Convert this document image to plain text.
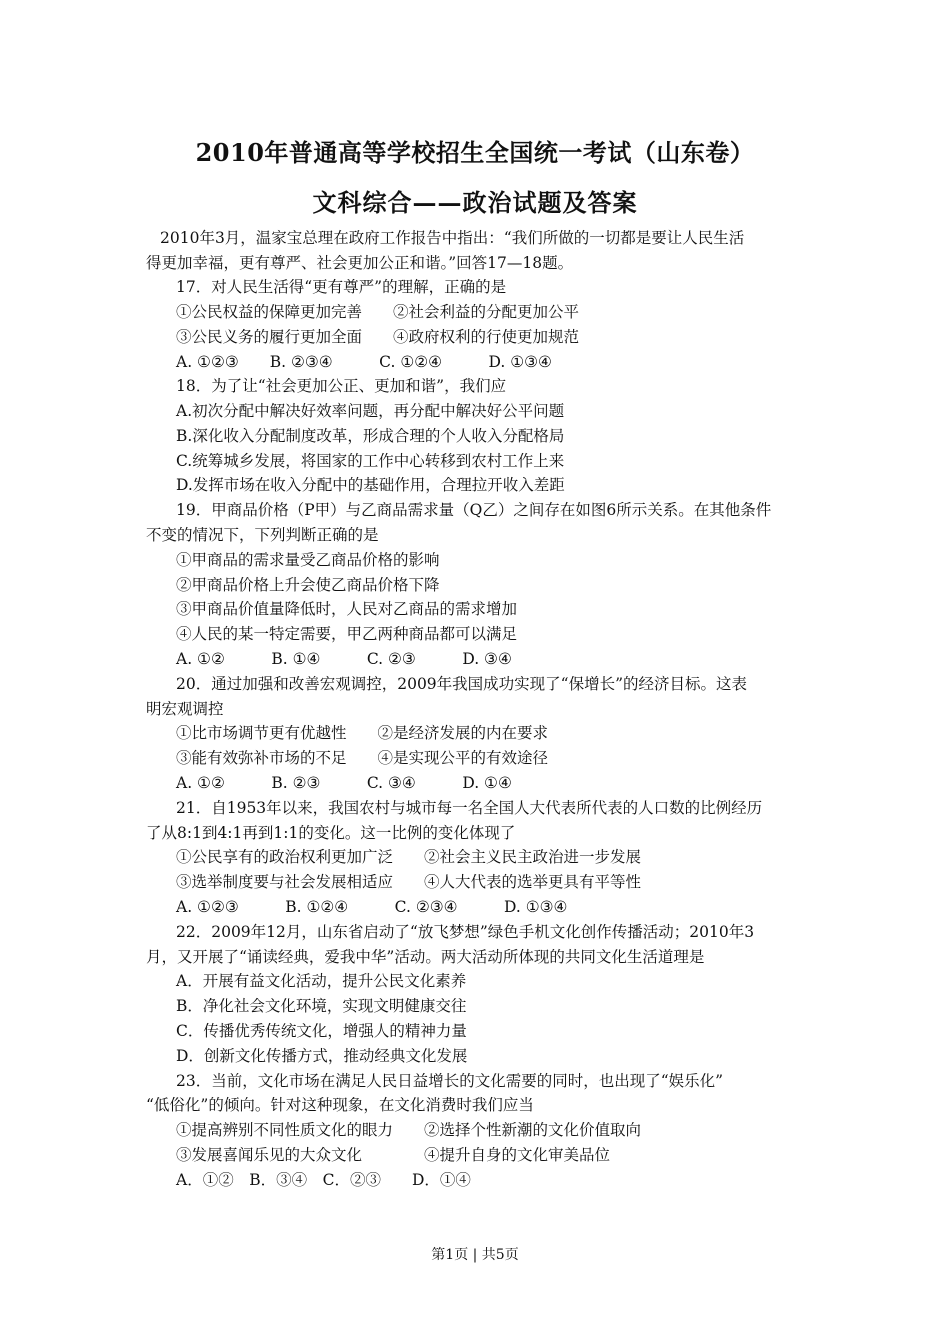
2010年普通高等学校招生全国统一考试（山东卷）
文科综合——政治试题及答案
2010年3月，温家宝总理在政府工作报告中指出：“我们所做的一切都是要让人民生活
得更加幸福，更有尊严、社会更加公正和谐。”回答17—18题。
17．对人民生活得“更有尊严”的理解，正确的是
①公民权益的保障更加完善　　②社会利益的分配更加公平
③公民义务的履行更加全面　　④政府权利的行使更加规范
A. ①②③　　B. ②③④　　　C. ①②④　　　D. ①③④
18．为了让“社会更加公正、更加和谐”，我们应
A.初次分配中解决好效率问题，再分配中解决好公平问题
B.深化收入分配制度改革，形成合理的个人收入分配格局
C.统筹城乡发展，将国家的工作中心转移到农村工作上来
D.发挥市场在收入分配中的基础作用，合理拉开收入差距
19．甲商品价格（P甲）与乙商品需求量（Q乙）之间存在如图6所示关系。在其他条件
不变的情况下，下列判断正确的是
①甲商品的需求量受乙商品价格的影响
②甲商品价格上升会使乙商品价格下降
③甲商品价值量降低时，人民对乙商品的需求增加
④人民的某一特定需要，甲乙两种商品都可以满足
A. ①②　　　B. ①④　　　C. ②③　　　D. ③④
20．通过加强和改善宏观调控，2009年我国成功实现了“保增长”的经济目标。这表
明宏观调控
①比市场调节更有优越性　　②是经济发展的内在要求
③能有效弥补市场的不足　　④是实现公平的有效途径
A. ①②　　　B. ②③　　　C. ③④　　　D. ①④
21．自1953年以来，我国农村与城市每一名全国人大代表所代表的人口数的比例经历
了从8:1到4:1再到1:1的变化。这一比例的变化体现了
①公民享有的政治权利更加广泛　　②社会主义民主政治进一步发展
③选举制度要与社会发展相适应　　④人大代表的选举更具有平等性
A. ①②③　　　B. ①②④　　　C. ②③④　　　D. ①③④
22．2009年12月，山东省启动了“放飞梦想”绿色手机文化创作传播活动；2010年3
月，又开展了“诵读经典，爱我中华”活动。两大活动所体现的共同文化生活道理是
A．开展有益文化活动，提升公民文化素养
B．净化社会文化环境，实现文明健康交往
C．传播优秀传统文化，增强人的精神力量
D．创新文化传播方式，推动经典文化发展
23．当前，文化市场在满足人民日益增长的文化需要的同时，也出现了“娱乐化”
“低俗化”的倾向。针对这种现象，在文化消费时我们应当
①提高辨别不同性质文化的眼力　　②选择个性新潮的文化价值取向
③发展喜闻乐见的大众文化　　　　④提升自身的文化审美品位
A．①②　B．③④　C．②③　　D．①④
第1页 | 共5页
